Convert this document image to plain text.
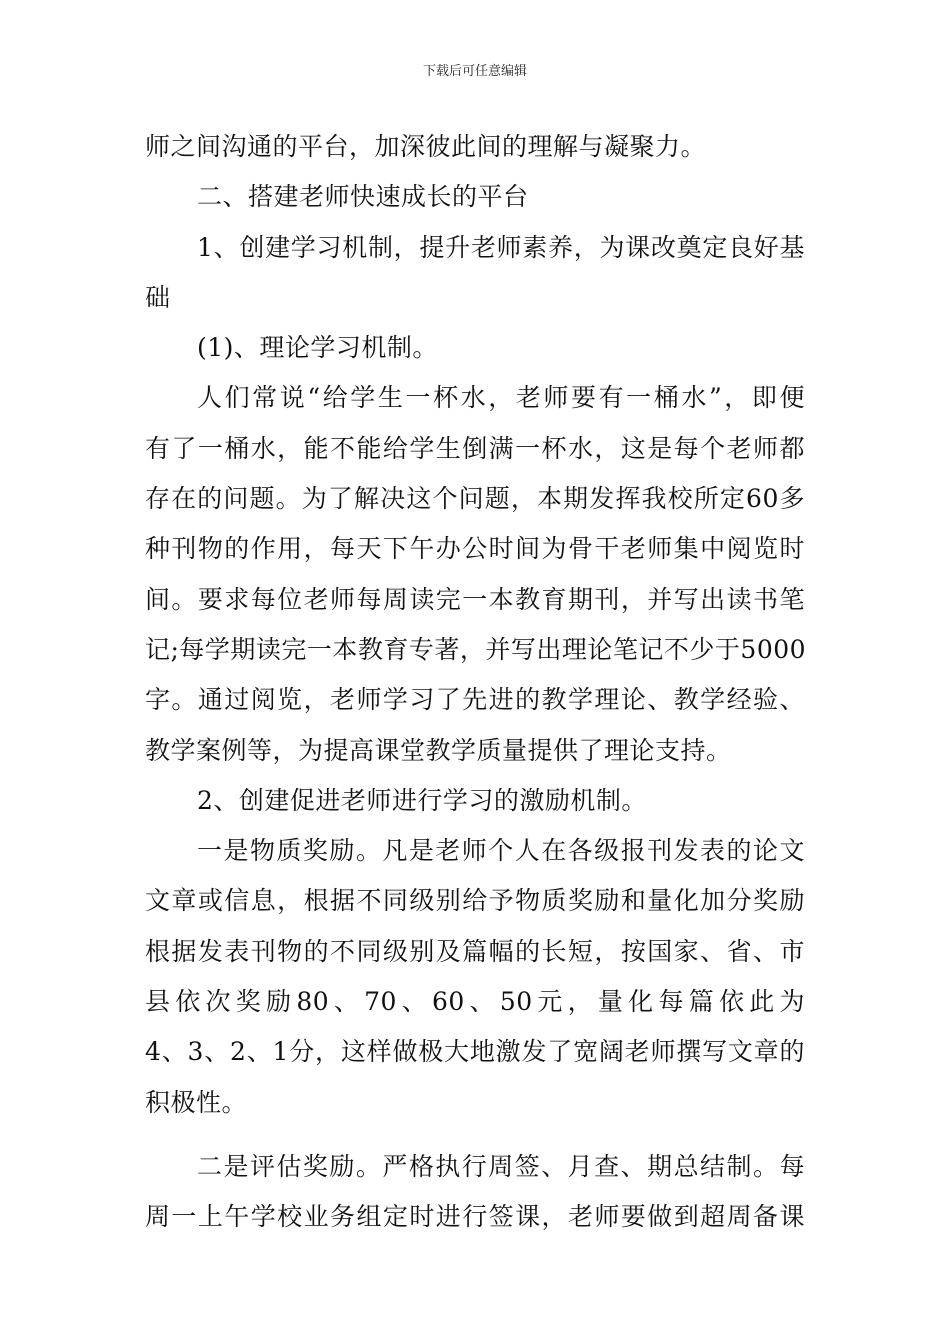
下载后可任意编辑
师之间沟通的平台，加深彼此间的理解与凝聚力。
二、搭建老师快速成长的平台
1、创建学习机制，提升老师素养，为课改奠定良好基
础
(1)、理论学习机制。
人们常说“给学生一杯水，老师要有一桶水”，即便
有了一桶水，能不能给学生倒满一杯水，这是每个老师都
存在的问题。为了解决这个问题，本期发挥我校所定60多
种刊物的作用，每天下午办公时间为骨干老师集中阅览时
间。要求每位老师每周读完一本教育期刊，并写出读书笔
记;每学期读完一本教育专著，并写出理论笔记不少于5000
字。通过阅览，老师学习了先进的教学理论、教学经验、
教学案例等，为提高课堂教学质量提供了理论支持。
2、创建促进老师进行学习的激励机制。
一是物质奖励。凡是老师个人在各级报刊发表的论文
文章或信息，根据不同级别给予物质奖励和量化加分奖励
根据发表刊物的不同级别及篇幅的长短，按国家、省、市
县依次奖励80、70、60、50元，量化每篇依此为
4、3、2、1分，这样做极大地激发了宽阔老师撰写文章的
积极性。
二是评估奖励。严格执行周签、月查、期总结制。每
周一上午学校业务组定时进行签课，老师要做到超周备课
